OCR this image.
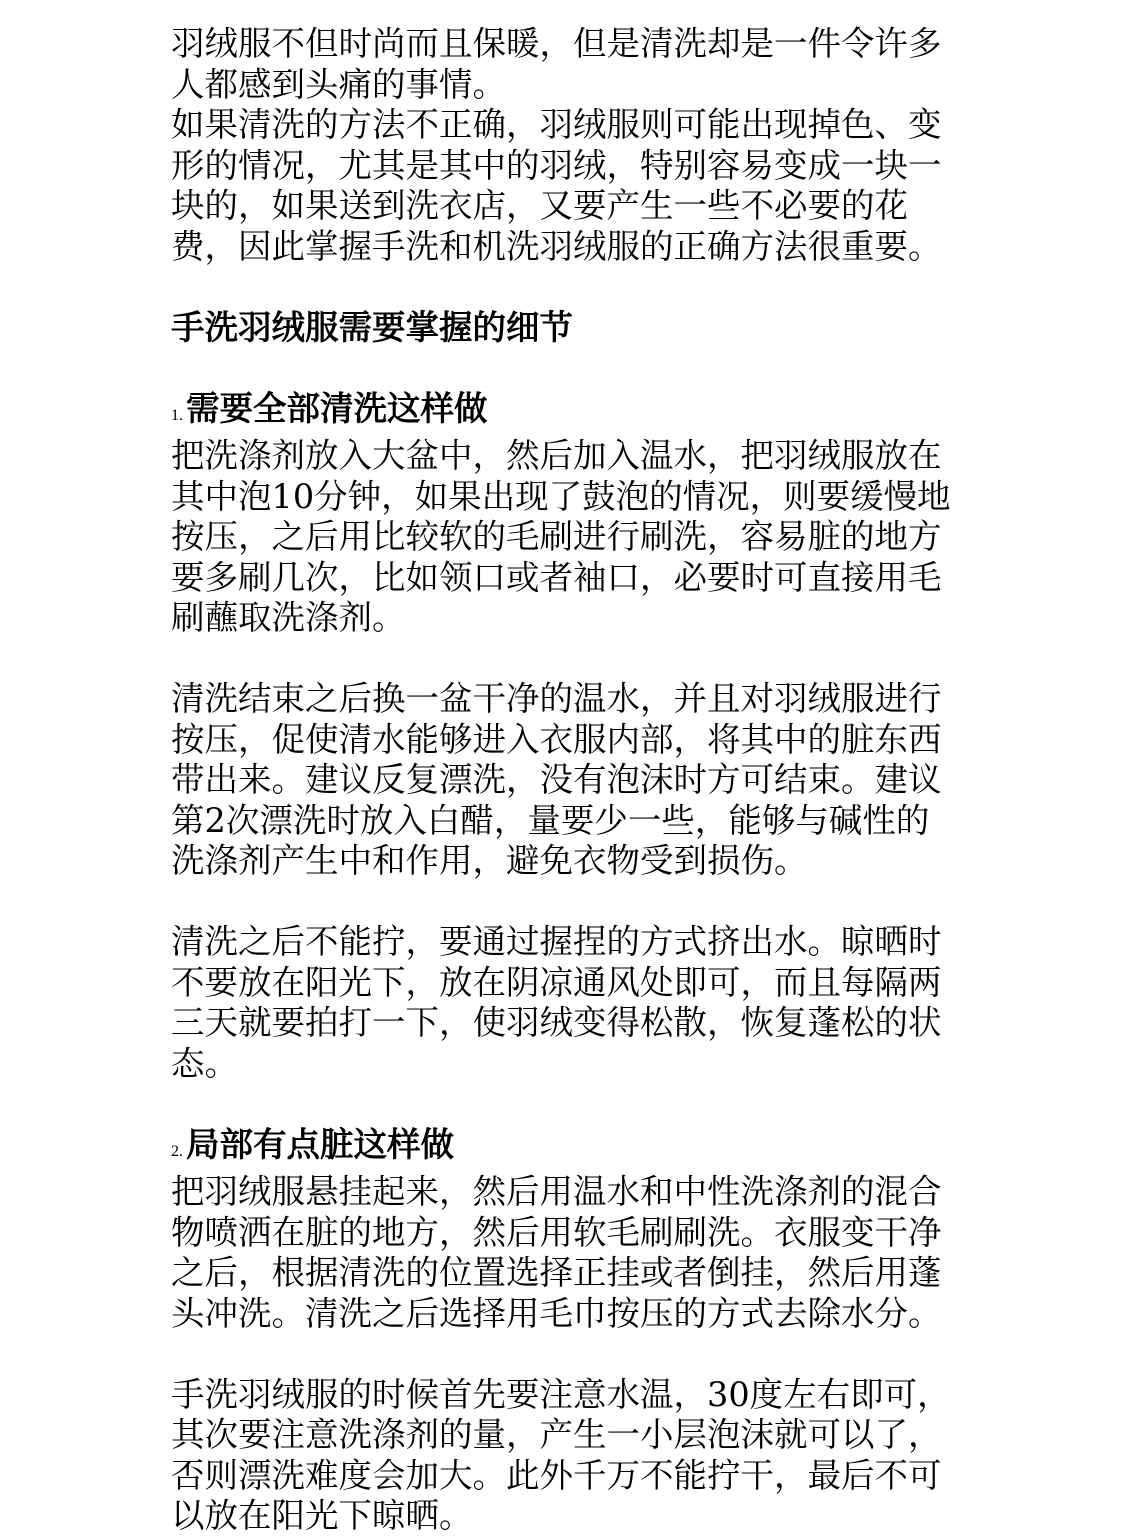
羽绒服不但时尚而且保暖，但是清洗却是一件令许多
人都感到头痛的事情。
如果清洗的方法不正确，羽绒服则可能出现掉色、变
形的情况，尤其是其中的羽绒，特别容易变成一块一
块的，如果送到洗衣店，又要产生一些不必要的花
费，因此掌握手洗和机洗羽绒服的正确方法很重要。
手洗羽绒服需要掌握的细节
1.需要全部清洗这样做
把洗涤剂放入大盆中，然后加入温水，把羽绒服放在
其中泡10分钟，如果出现了鼓泡的情况，则要缓慢地
按压，之后用比较软的毛刷进行刷洗，容易脏的地方
要多刷几次，比如领口或者袖口，必要时可直接用毛
刷蘸取洗涤剂。
清洗结束之后换一盆干净的温水，并且对羽绒服进行
按压，促使清水能够进入衣服内部，将其中的脏东西
带出来。建议反复漂洗，没有泡沫时方可结束。建议
第2次漂洗时放入白醋，量要少一些，能够与碱性的
洗涤剂产生中和作用，避免衣物受到损伤。
清洗之后不能拧，要通过握捏的方式挤出水。晾晒时
不要放在阳光下，放在阴凉通风处即可，而且每隔两
三天就要拍打一下，使羽绒变得松散，恢复蓬松的状
态。
2.局部有点脏这样做
把羽绒服悬挂起来，然后用温水和中性洗涤剂的混合
物喷洒在脏的地方，然后用软毛刷刷洗。衣服变干净
之后，根据清洗的位置选择正挂或者倒挂，然后用蓬
头冲洗。清洗之后选择用毛巾按压的方式去除水分。
手洗羽绒服的时候首先要注意水温，30度左右即可，
其次要注意洗涤剂的量，产生一小层泡沫就可以了，
否则漂洗难度会加大。此外千万不能拧干，最后不可
以放在阳光下晾晒。
